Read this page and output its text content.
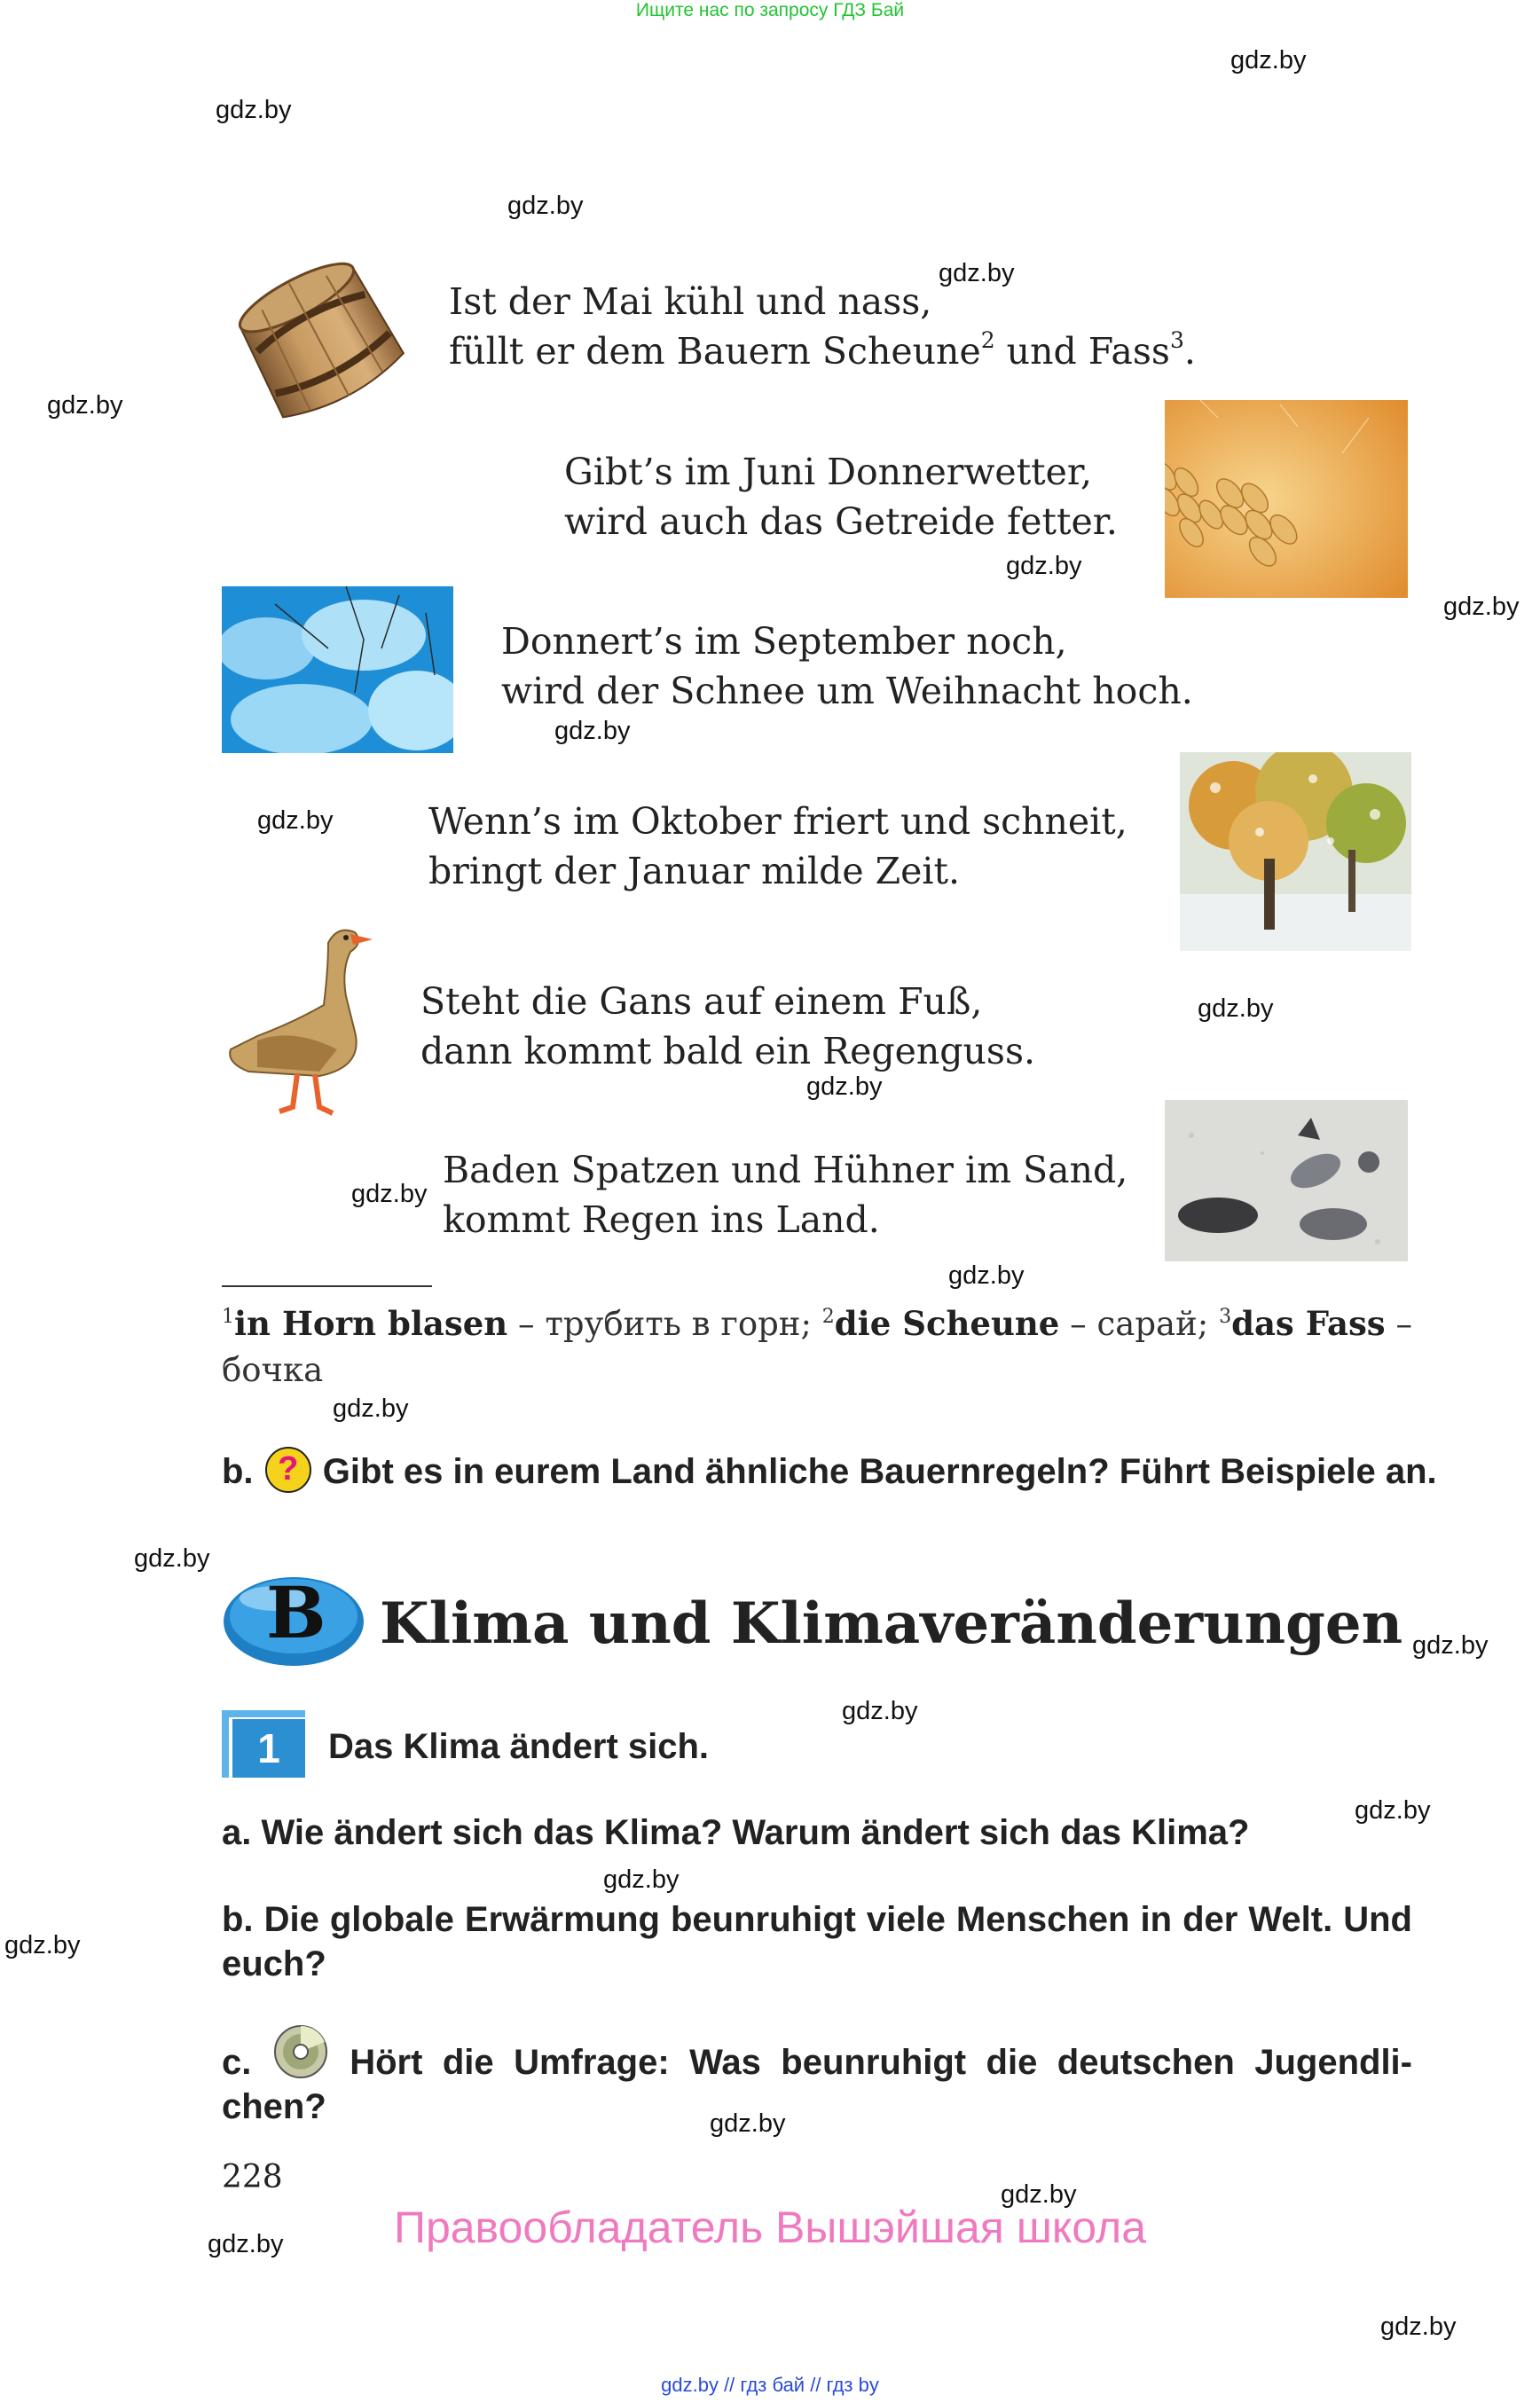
Ищите нас по запросу ГДЗ Бай
gdz.by
gdz.by
gdz.by
gdz.by
gdz.by
gdz.by
gdz.by
gdz.by
gdz.by
gdz.by
gdz.by
gdz.by
gdz.by
gdz.by
gdz.by
gdz.by
gdz.by
gdz.by
gdz.by
gdz.by
gdz.by
gdz.by
gdz.by
gdz.by
Ist der Mai kühl und nass,
füllt er dem Bauern Scheune$^2$ und Fass$^3$.
Gibt’s im Juni Donnerwetter,
wird auch das Getreide fetter.
Donnert’s im September noch,
wird der Schnee um Weihnacht hoch.
Wenn’s im Oktober friert und schneit,
bringt der Januar milde Zeit.
Steht die Gans auf einem Fuß,
dann kommt bald ein Regenguss.
Baden Spatzen und Hühner im Sand,
kommt Regen ins Land.
$^1$in Horn blasen – трубить в горн; $^2$die Scheune – сарай; $^3$das Fass – бочка
b. ? Gibt es in eurem Land ähnliche Bauernregeln? Führt Beispiele an.
B Klima und Klimaveränderungen
1	Das Klima ändert sich.
a. Wie ändert sich das Klima? Warum ändert sich das Klima?
b. Die globale Erwärmung beunruhigt viele Menschen in der Welt. Und euch?
c.	Hört die Umfrage: Was beunruhigt die deutschen Jugendlichen?
228
Правообладатель Вышэйшая школа
gdz.by // гдз бай // гдз by
